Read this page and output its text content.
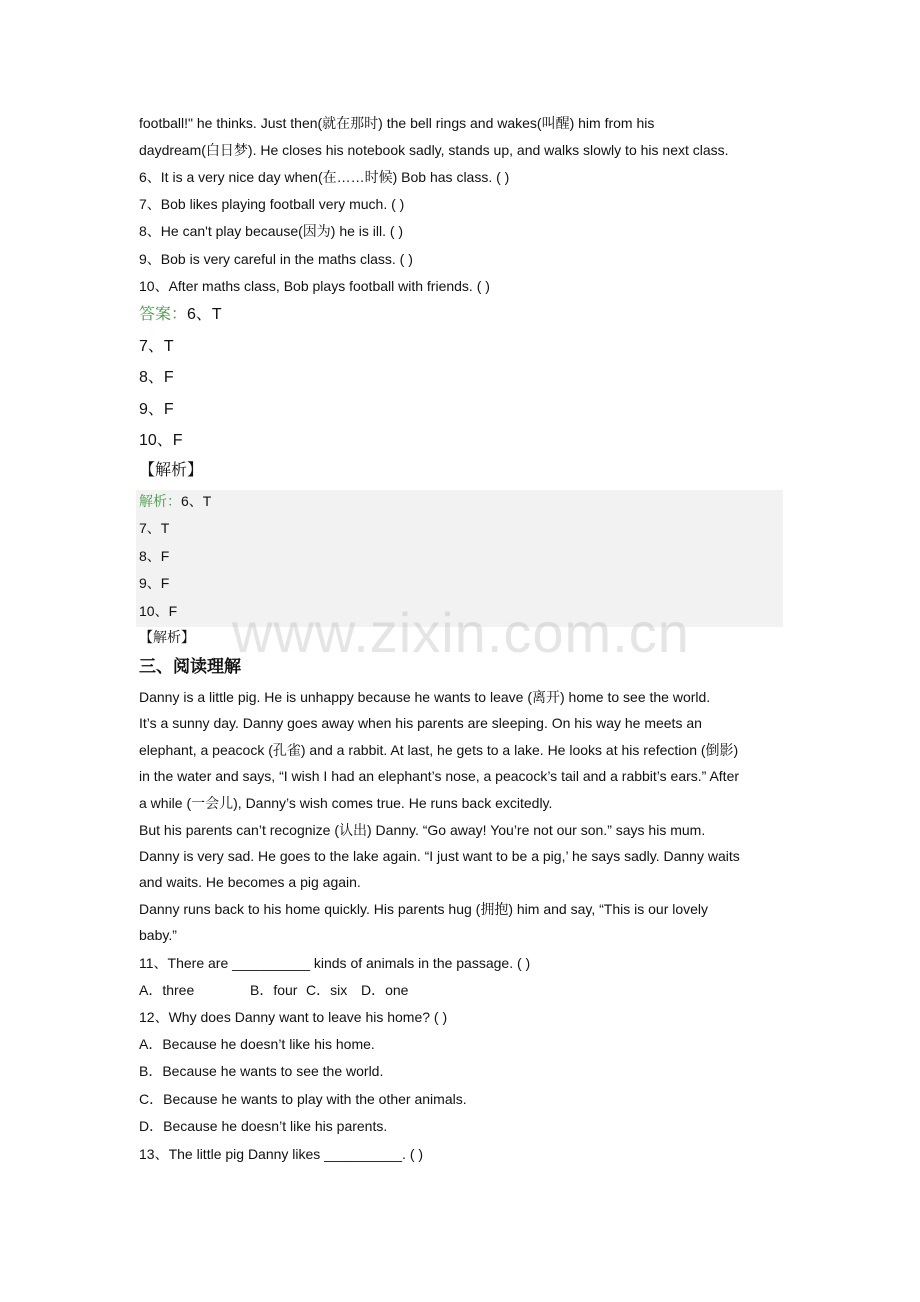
football!" he thinks. Just then(就在那时) the bell rings and wakes(叫醒) him from his
daydream(白日梦). He closes his notebook sadly, stands up, and walks slowly to his next class.
6、It is a very nice day when(在……时候) Bob has class. ( )
7、Bob likes playing football very much. ( )
8、He can't play because(因为) he is ill. ( )
9、Bob is very careful in the maths class. ( )
10、After maths class, Bob plays football with friends. ( )
答案：6、T
7、T
8、F
9、F
10、F
【解析】
解析：6、T
7、T
8、F
9、F
10、F
【解析】 www.zixin.com.cn
三、阅读理解
Danny is a little pig. He is unhappy because he wants to leave (离开) home to see the world.
It’s a sunny day. Danny goes away when his parents are sleeping. On his way he meets an
elephant, a peacock (孔雀) and a rabbit. At last, he gets to a lake. He looks at his refection (倒影)
in the water and says, “I wish I had an elephant’s nose, a peacock’s tail and a rabbit’s ears.” After
a while (一会儿), Danny’s wish comes true. He runs back excitedly.
But his parents can’t recognize (认出) Danny. “Go away! You’re not our son.” says his mum.
Danny is very sad. He goes to the lake again. “I just want to be a pig,’ he says sadly. Danny waits
and waits. He becomes a pig again.
Danny runs back to his home quickly. His parents hug (拥抱) him and say, “This is our lovely
baby.”
11、There are __________ kinds of animals in the passage. ( )
A．three	B．four C．six D．one
12、Why does Danny want to leave his home? ( )
A．Because he doesn’t like his home.
B．Because he wants to see the world.
C．Because he wants to play with the other animals.
D．Because he doesn’t like his parents.
13、The little pig Danny likes __________. ( )
